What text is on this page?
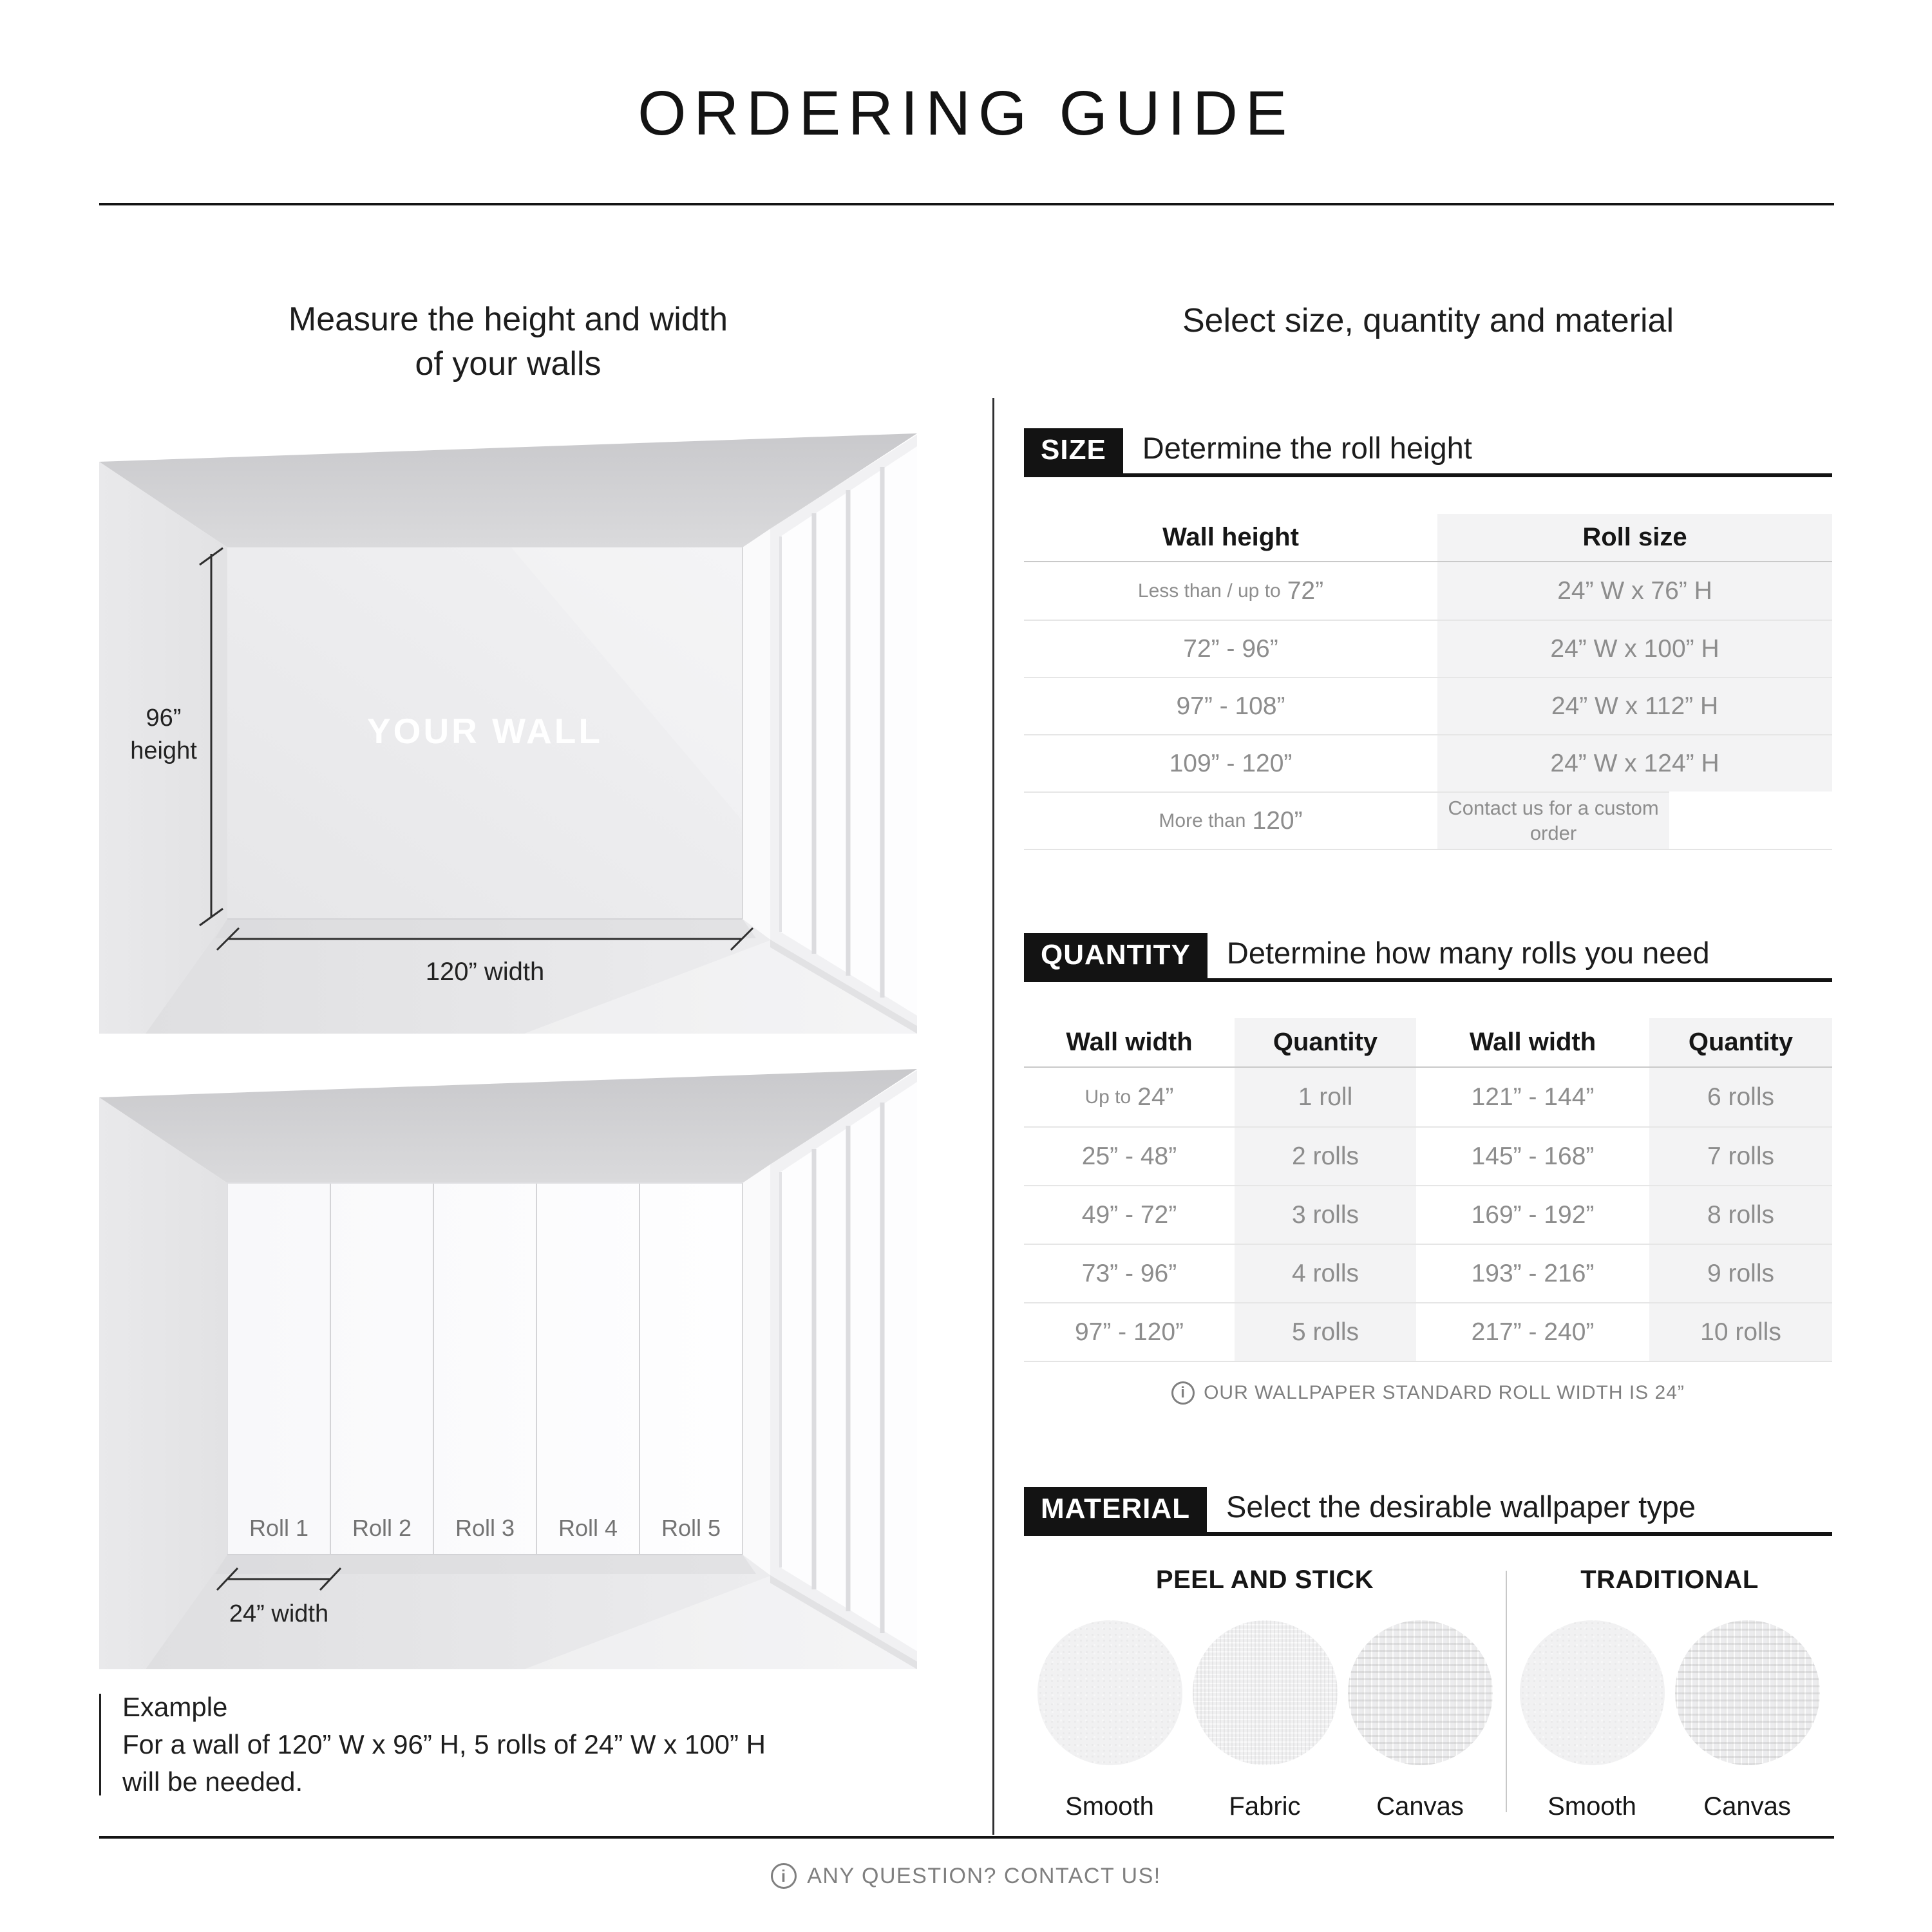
ORDERING GUIDE
Measure the height and width
of your walls
Select size, quantity and material
96”
height
YOUR WALL
120” width
Roll 1	Roll 2	Roll 3	Roll 4	Roll 5
24” width
Example
For a wall of 120” W x 96” H, 5 rolls of 24” W x 100” H
will be needed.
SIZE	Determine the roll height
Wall height	Roll size
Less than / up to 72”	24” W x 76” H
72” - 96”	24” W x 100” H
97” - 108”	24” W x 112” H
109” - 120”	24” W x 124” H
More than 120”	Contact us for a custom order
QUANTITY	Determine how many rolls you need
Wall width	Quantity	Wall width	Quantity
Up to 24”	1 roll	121” - 144”	6 rolls
25” - 48”	2 rolls	145” - 168”	7 rolls
49” - 72”	3 rolls	169” - 192”	8 rolls
73” - 96”	4 rolls	193” - 216”	9 rolls
97” - 120”	5 rolls	217” - 240”	10 rolls
i OUR WALLPAPER STANDARD ROLL WIDTH IS 24”
MATERIAL	Select the desirable wallpaper type
PEEL AND STICK
Smooth	Fabric	Canvas
TRADITIONAL
Smooth	Canvas
i ANY QUESTION? CONTACT US!
